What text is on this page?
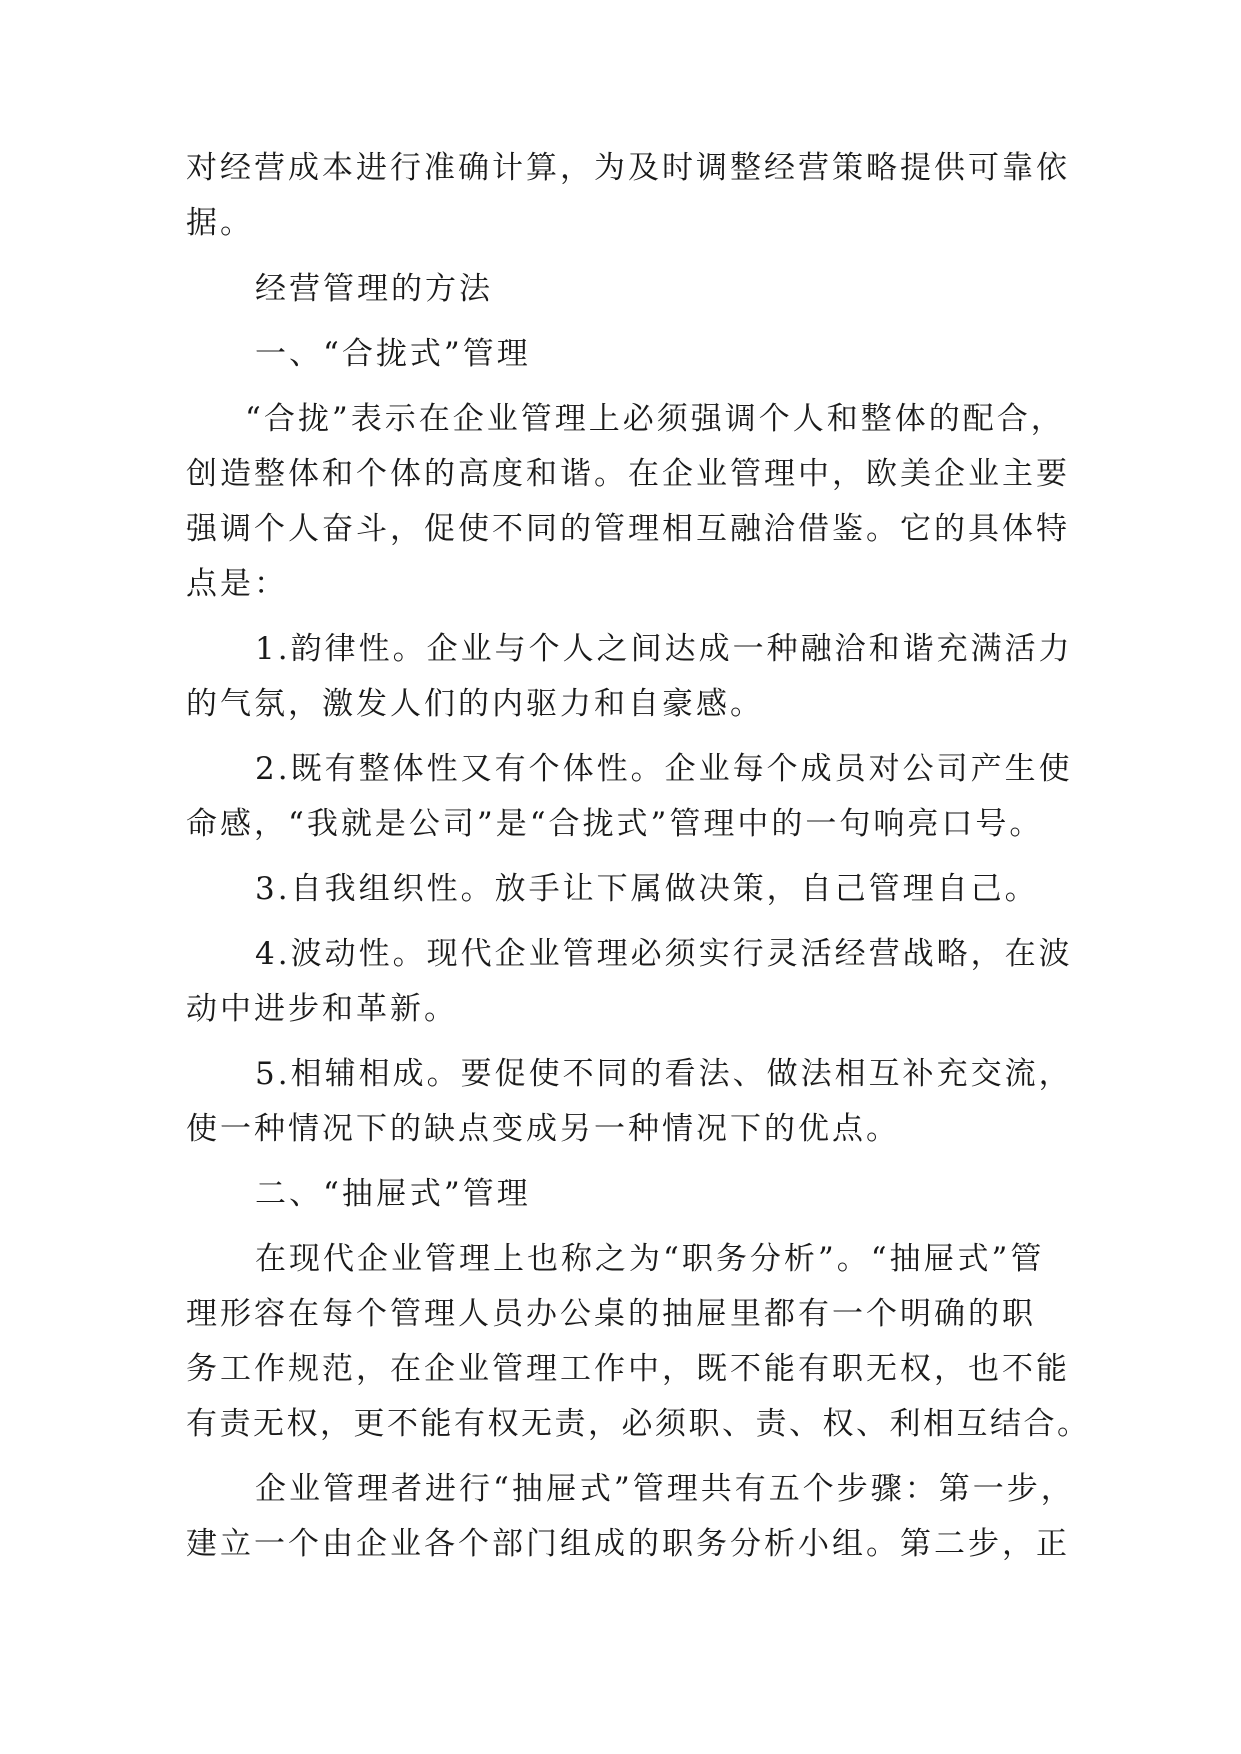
对经营成本进行准确计算，为及时调整经营策略提供可靠依
据。
经营管理的方法
一、“合拢式”管理
“合拢”表示在企业管理上必须强调个人和整体的配合，
创造整体和个体的高度和谐。在企业管理中，欧美企业主要
强调个人奋斗，促使不同的管理相互融洽借鉴。它的具体特
点是：
1.韵律性。企业与个人之间达成一种融洽和谐充满活力
的气氛，激发人们的内驱力和自豪感。
2.既有整体性又有个体性。企业每个成员对公司产生使
命感，“我就是公司”是“合拢式”管理中的一句响亮口号。
3.自我组织性。放手让下属做决策，自己管理自己。
4.波动性。现代企业管理必须实行灵活经营战略，在波
动中进步和革新。
5.相辅相成。要促使不同的看法、做法相互补充交流，
使一种情况下的缺点变成另一种情况下的优点。
二、“抽屉式”管理
在现代企业管理上也称之为“职务分析”。“抽屉式”管
理形容在每个管理人员办公桌的抽屉里都有一个明确的职
务工作规范，在企业管理工作中，既不能有职无权，也不能
有责无权，更不能有权无责，必须职、责、权、利相互结合。
企业管理者进行“抽屉式”管理共有五个步骤：第一步，
建立一个由企业各个部门组成的职务分析小组。第二步，正
